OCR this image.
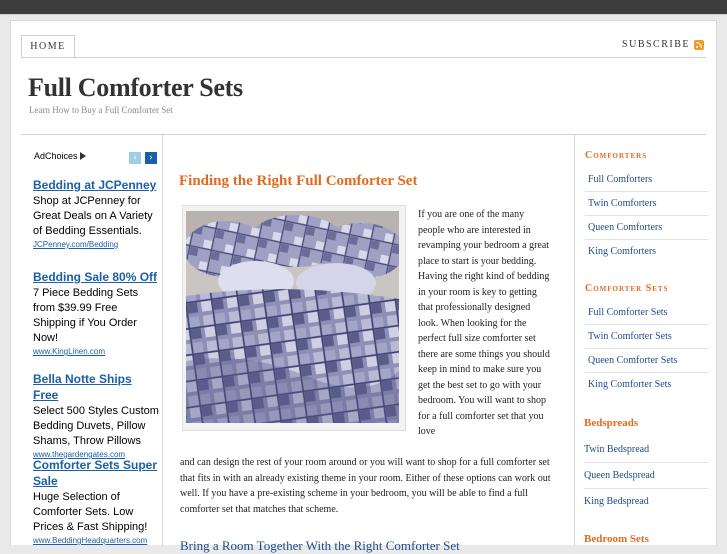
HOME	SUBSCRIBE
Full Comforter Sets
Learn How to Buy a Full Comforter Set
AdChoices	‹	›
Bedding at JCPenney
Shop at JCPenney for Great Deals on A Variety of Bedding Essentials.
JCPenney.com/Bedding
Bedding Sale 80% Off
7 Piece Bedding Sets from $39.99 Free Shipping if You Order Now!
www.KingLinen.com
Bella Notte Ships Free
Select 500 Styles Custom Bedding Duvets, Pillow Shams, Throw Pillows
www.thegardengates.com
Comforter Sets Super Sale
Huge Selection of Comforter Sets. Low Prices & Fast Shipping!
www.BeddingHeadquarters.com
Finding the Right Full Comforter Set
If you are one of the many people who are interested in revamping your bedroom a great place to start is your bedding. Having the right kind of bedding in your room is key to getting that professionally designed look. When looking for the perfect full size comforter set there are some things you should keep in mind to make sure you get the best set to go with your bedroom. You will want to shop for a full comforter set that you love
and can design the rest of your room around or you will want to shop for a full comforter set that fits in with an already existing theme in your room. Either of these options can work out well. If you have a pre-existing scheme in your bedroom, you will be able to find a full comforter set that matches that scheme.
Bring a Room Together With the Right Comforter Set
Comforters
Full Comforters
Twin Comforters
Queen Comforters
King Comforters
Comforter Sets
Full Comforter Sets
Twin Comforter Sets
Queen Comforter Sets
King Comforter Sets
Bedspreads
Twin Bedspread
Queen Bedspread
King Bedspread
Bedroom Sets
